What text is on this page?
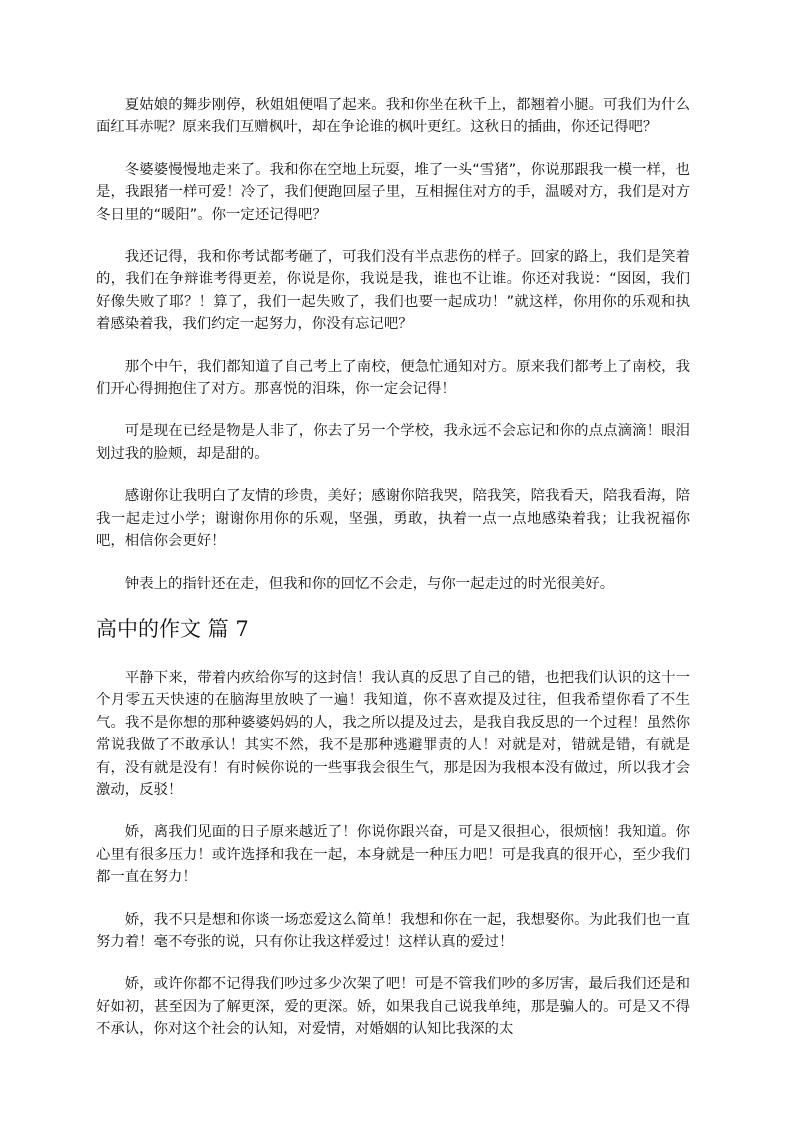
夏姑娘的舞步刚停，秋姐姐便唱了起来。我和你坐在秋千上，都翘着小腿。可我们为什么面红耳赤呢？原来我们互赠枫叶，却在争论谁的枫叶更红。这秋日的插曲，你还记得吧？

冬婆婆慢慢地走来了。我和你在空地上玩耍，堆了一头“雪猪”，你说那跟我一模一样，也是，我跟猪一样可爱！冷了，我们便跑回屋子里，互相握住对方的手，温暖对方，我们是对方冬日里的“暖阳”。你一定还记得吧？

我还记得，我和你考试都考砸了，可我们没有半点悲伤的样子。回家的路上，我们是笑着的，我们在争辩谁考得更差，你说是你，我说是我，谁也不让谁。你还对我说：“囡囡，我们好像失败了耶？！算了，我们一起失败了，我们也要一起成功！”就这样，你用你的乐观和执着感染着我，我们约定一起努力，你没有忘记吧？

那个中午，我们都知道了自己考上了南校，便急忙通知对方。原来我们都考上了南校，我们开心得拥抱住了对方。那喜悦的泪珠，你一定会记得！

可是现在已经是物是人非了，你去了另一个学校，我永远不会忘记和你的点点滴滴！眼泪划过我的脸颊，却是甜的。

感谢你让我明白了友情的珍贵，美好；感谢你陪我哭，陪我笑，陪我看天，陪我看海，陪我一起走过小学；谢谢你用你的乐观，坚强，勇敢，执着一点一点地感染着我；让我祝福你吧，相信你会更好！

钟表上的指针还在走，但我和你的回忆不会走，与你一起走过的时光很美好。

高中的作文 篇 7

平静下来，带着内疚给你写的这封信！我认真的反思了自己的错，也把我们认识的这十一个月零五天快速的在脑海里放映了一遍！我知道，你不喜欢提及过往，但我希望你看了不生气。我不是你想的那种婆婆妈妈的人，我之所以提及过去，是我自我反思的一个过程！虽然你常说我做了不敢承认！其实不然，我不是那种逃避罪责的人！对就是对，错就是错，有就是有，没有就是没有！有时候你说的一些事我会很生气，那是因为我根本没有做过，所以我才会激动，反驳！

娇，离我们见面的日子原来越近了！你说你跟兴奋，可是又很担心，很烦恼！我知道。你心里有很多压力！或许选择和我在一起，本身就是一种压力吧！可是我真的很开心，至少我们都一直在努力！

娇，我不只是想和你谈一场恋爱这么简单！我想和你在一起，我想娶你。为此我们也一直努力着！毫不夸张的说，只有你让我这样爱过！这样认真的爱过！

娇，或许你都不记得我们吵过多少次架了吧！可是不管我们吵的多厉害，最后我们还是和好如初，甚至因为了解更深，爱的更深。娇，如果我自己说我单纯，那是骗人的。可是又不得不承认，你对这个社会的认知，对爱情，对婚姻的认知比我深的太
